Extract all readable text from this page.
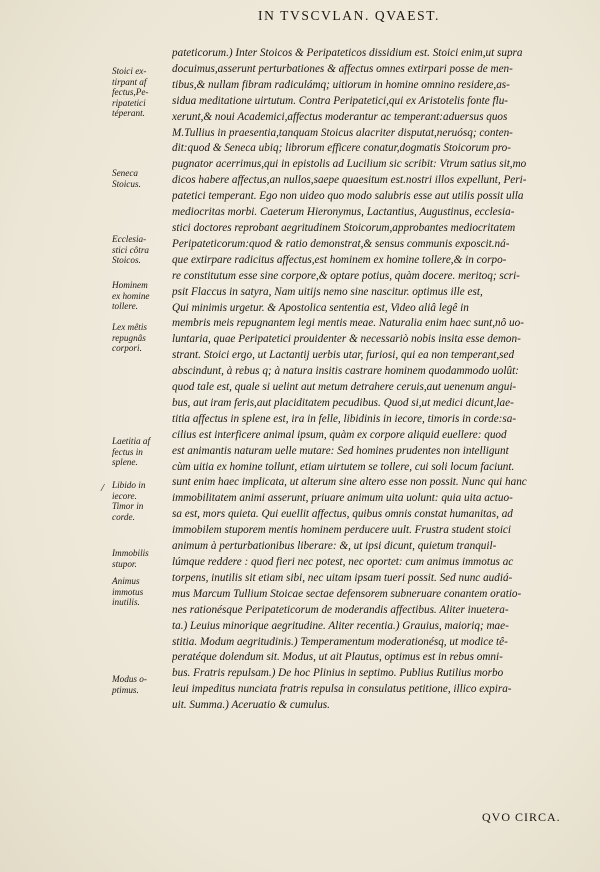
IN TVSCVLAN. QVAEST.
Stoici ex-
tirpant af
fectus,Pe-
ripatetici
téperant.
Seneca
Stoicus.
Ecclesia-
stici côtra
Stoicos.
Hominem
ex homine
tollere.
Lex mêtis
repugnâs
corpori.
Laetitia af
fectus in
splene.
Libido in
iecore.
Timor in
corde.
Immobilis
stupor.
Animus
immotus
inutilis.
Modus o-
ptimus.
/
pateticorum.) Inter Stoicos & Peripateticos dissidium est. Stoici enim,ut supra
docuimus,asserunt perturbationes & affectus omnes extirpari posse de men-
tibus,& nullam fibram radiculámq; uitiorum in homine omnino residere,as-
sidua meditatione uirtutum. Contra Peripatetici,qui ex Aristotelis fonte flu-
xerunt,& noui Academici,affectus moderantur ac temperant:aduersus quos
M.Tullius in praesentia,tanquam Stoicus alacriter disputat,neruósq; conten-
dit:quod & Seneca ubiq; librorum efficere conatur,dogmatis Stoicorum pro-
pugnator acerrimus,qui in epistolis ad Lucilium sic scribit: Vtrum satius sit,mo
dicos habere affectus,an nullos,saepe quaesitum est.nostri illos expellunt, Peri-
patetici temperant. Ego non uideo quo modo salubris esse aut utilis possit ulla
mediocritas morbi. Caeterum Hieronymus, Lactantius, Augustinus, ecclesia-
stici doctores reprobant aegritudinem Stoicorum,approbantes mediocritatem
Peripateticorum:quod & ratio demonstrat,& sensus communis exposcit.ná-
que extirpare radicitus affectus,est hominem ex homine tollere,& in corpo-
re constitutum esse sine corpore,& optare potius, quàm docere. meritoq; scri-
psit Flaccus in satyra, Nam uitijs nemo sine nascitur. optimus ille est,
Qui minimis urgetur. & Apostolica sententia est, Video aliâ legê in
membris meis repugnantem legi mentis meae. Naturalia enim haec sunt,nô uo-
luntaria, quae Peripatetici prouidenter & necessariò nobis insita esse demon-
strant. Stoici ergo, ut Lactantij uerbis utar, furiosi, qui ea non temperant,sed
abscindunt, à rebus q; à natura insitis castrare hominem quodammodo uolût:
quod tale est, quale si uelint aut metum detrahere ceruis,aut uenenum angui-
bus, aut iram feris,aut placiditatem pecudibus. Quod si,ut medici dicunt,lae-
titia affectus in splene est, ira in felle, libidinis in iecore, timoris in corde:sa-
cilius est interficere animal ipsum, quàm ex corpore aliquid euellere: quod
est animantis naturam uelle mutare: Sed homines prudentes non intelligunt
cùm uitia ex homine tollunt, etiam uirtutem se tollere, cui soli locum faciunt.
sunt enim haec implicata, ut alterum sine altero esse non possit. Nunc qui hanc
immobilitatem animi asserunt, priuare animum uita uolunt: quia uita actuo-
sa est, mors quieta. Qui euellit affectus, quibus omnis constat humanitas, ad
immobilem stuporem mentis hominem perducere uult. Frustra student stoici
animum à perturbationibus liberare: &, ut ipsi dicunt, quietum tranquil-
lúmque reddere : quod fieri nec potest, nec oportet: cum animus immotus ac
torpens, inutilis sit etiam sibi, nec uitam ipsam tueri possit. Sed nunc audiá-
mus Marcum Tullium Stoicae sectae defensorem subneruare conantem oratio-
nes rationésque Peripateticorum de moderandis affectibus. Aliter inuetera-
ta.) Leuius minorique aegritudine. Aliter recentia.) Grauius, maioriq; mae-
stitia. Modum aegritudinis.) Temperamentum moderationésq, ut modice tê-
peratéque dolendum sit. Modus, ut ait Plautus, optimus est in rebus omni-
bus. Fratris repulsam.) De hoc Plinius in septimo. Publius Rutilius morbo
leui impeditus nunciata fratris repulsa in consulatus petitione, illico expira-
uit. Summa.) Aceruatio & cumulus.
QVO CIRCA.
